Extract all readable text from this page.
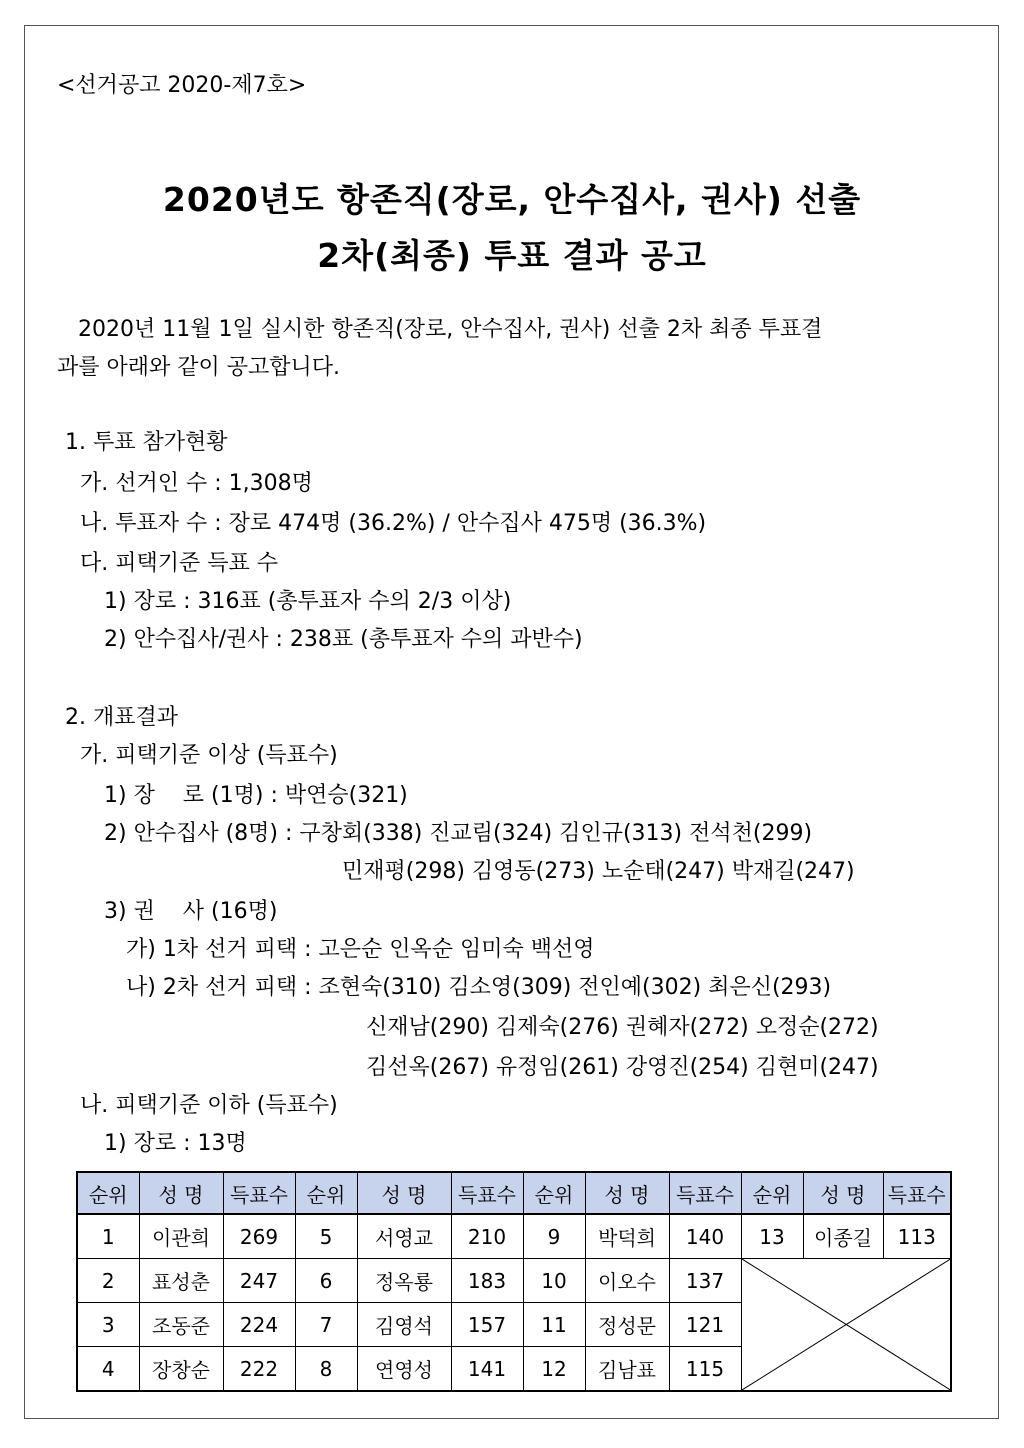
<선거공고 2020-제7호>
2020년도 항존직(장로, 안수집사, 권사) 선출
2차(최종) 투표 결과 공고
2020년 11월 1일 실시한 항존직(장로, 안수집사, 권사) 선출 2차 최종 투표결
과를 아래와 같이 공고합니다.
1. 투표 참가현황
가. 선거인 수 : 1,308명
나. 투표자 수 : 장로 474명 (36.2%) / 안수집사 475명 (36.3%)
다. 피택기준 득표 수
1) 장로 : 316표 (총투표자 수의 2/3 이상)
2) 안수집사/권사 : 238표 (총투표자 수의 과반수)
2. 개표결과
가. 피택기준 이상 (득표수)
1) 장    로 (1명) : 박연승(321)
2) 안수집사 (8명) : 구창회(338) 진교림(324) 김인규(313) 전석천(299)
민재평(298) 김영동(273) 노순태(247) 박재길(247)
3) 권    사 (16명)
가) 1차 선거 피택 : 고은순 인옥순 임미숙 백선영
나) 2차 선거 피택 : 조현숙(310) 김소영(309) 전인예(302) 최은신(293)
신재남(290) 김제숙(276) 권혜자(272) 오정순(272)
김선옥(267) 유정임(261) 강영진(254) 김현미(247)
나. 피택기준 이하 (득표수)
1) 장로 : 13명
순위	성 명	득표수	순위	성 명	득표수	순위	성 명	득표수	순위	성 명	득표수
1	이관희	269	5	서영교	210	9	박덕희	140	13	이종길	113
2	표성춘	247	6	정옥룡	183	10	이오수	137	

3	조동준	224	7	김영석	157	11	정성문	121			
4	장창순	222	8	연영성	141	12	김남표	115			
